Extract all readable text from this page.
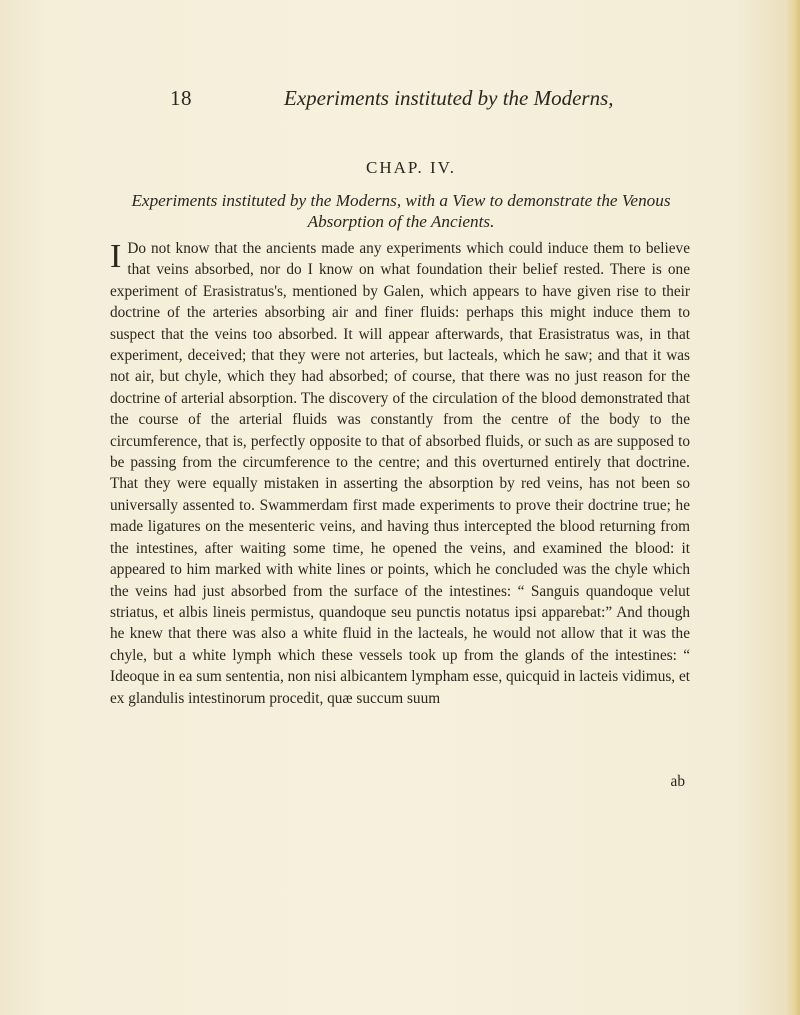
18	Experiments instituted by the Moderns,
CHAP. IV.
Experiments instituted by the Moderns, with a View to demonstrate the Venous Absorption of the Ancients.

I Do not know that the ancients made any experiments which could induce them to believe that veins absorbed, nor do I know on what foundation their belief rested. There is one experiment of Erasistratus's, mentioned by Galen, which appears to have given rise to their doctrine of the arteries absorbing air and finer fluids: perhaps this might induce them to suspect that the veins too absorbed. It will appear afterwards, that Erasistratus was, in that experiment, deceived; that they were not arteries, but lacteals, which he saw; and that it was not air, but chyle, which they had absorbed; of course, that there was no just reason for the doctrine of arterial absorption. The discovery of the circulation of the blood demonstrated that the course of the arterial fluids was constantly from the centre of the body to the circumference, that is, perfectly opposite to that of absorbed fluids, or such as are supposed to be passing from the circumference to the centre; and this overturned entirely that doctrine. That they were equally mistaken in asserting the absorption by red veins, has not been so universally assented to. Swammerdam first made experiments to prove their doctrine true; he made ligatures on the mesenteric veins, and having thus intercepted the blood returning from the intestines, after waiting some time, he opened the veins, and examined the blood: it appeared to him marked with white lines or points, which he concluded was the chyle which the veins had just absorbed from the surface of the intestines: “ Sanguis quandoque velut striatus, et albis lineis permistus, quandoque seu punctis notatus ipsi apparebat:” And though he knew that there was also a white fluid in the lacteals, he would not allow that it was the chyle, but a white lymph which these vessels took up from the glands of the intestines: “ Ideoque in ea sum sententia, non nisi albicantem lympham esse, quicquid in lacteis vidimus, et ex glandulis intestinorum procedit, quæ succum suum

ab
